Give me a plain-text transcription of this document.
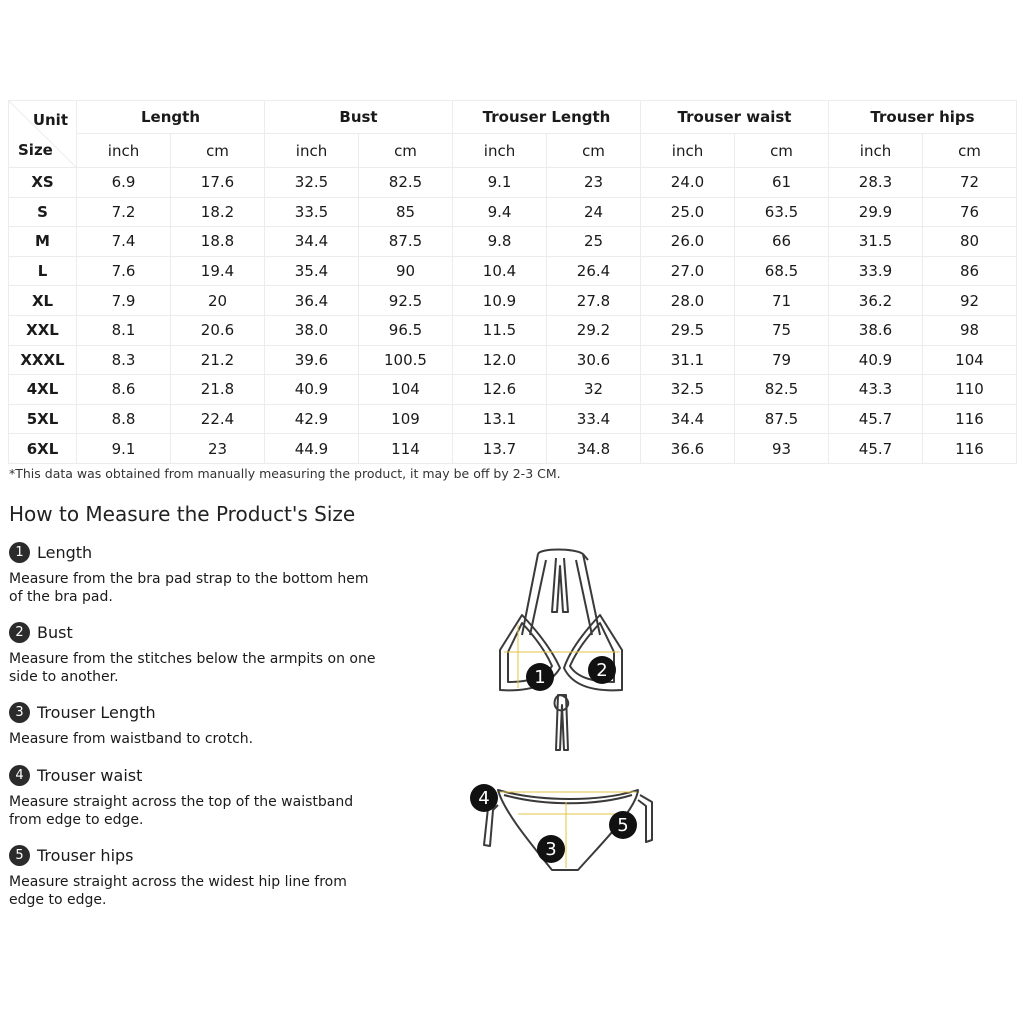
Unit
Size	Length		Bust		Trouser Length		Trouser waist		Trouser hips	
	inch	cm	inch	cm	inch	cm	inch	cm	inch	cm
XS	6.9	17.6	32.5	82.5	9.1	23	24.0	61	28.3	72
S	7.2	18.2	33.5	85	9.4	24	25.0	63.5	29.9	76
M	7.4	18.8	34.4	87.5	9.8	25	26.0	66	31.5	80
L	7.6	19.4	35.4	90	10.4	26.4	27.0	68.5	33.9	86
XL	7.9	20	36.4	92.5	10.9	27.8	28.0	71	36.2	92
XXL	8.1	20.6	38.0	96.5	11.5	29.2	29.5	75	38.6	98
XXXL	8.3	21.2	39.6	100.5	12.0	30.6	31.1	79	40.9	104
4XL	8.6	21.8	40.9	104	12.6	32	32.5	82.5	43.3	110
5XL	8.8	22.4	42.9	109	13.1	33.4	34.4	87.5	45.7	116
6XL	9.1	23	44.9	114	13.7	34.8	36.6	93	45.7	116
*This data was obtained from manually measuring the product, it may be off by 2-3 CM.
How to Measure the Product's Size
1 Length
Measure from the bra pad strap to the bottom hem of the bra pad.
2 Bust
Measure from the stitches below the armpits on one side to another.
3 Trouser Length
Measure from waistband to crotch.
4 Trouser waist
Measure straight across the top of the waistband from edge to edge.
5 Trouser hips
Measure straight across the widest hip line from edge to edge.
1	2
3
4
5
